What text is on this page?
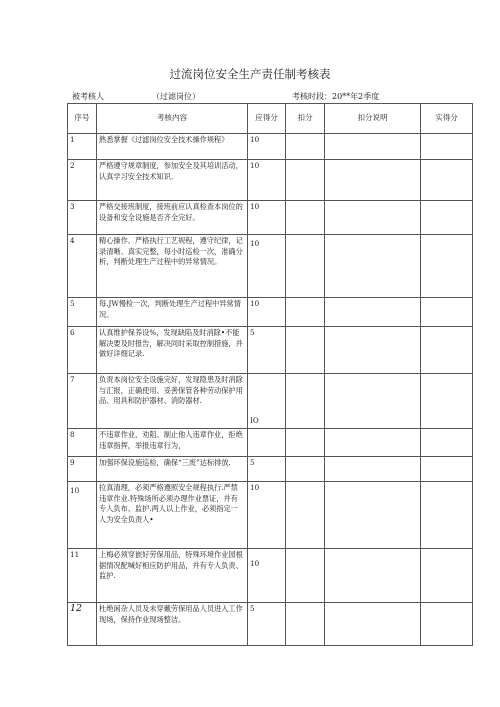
过流岗位安全生产责任制考核表
被考核人	（过滤岗位）	考核时段：20**年2季度
序号	考核内容	应得分	扣分	扣分说明	实得分
1	熟悉掌握《过滤岗位安全技术操作规程》	10			
2	严格遵守规章制度，参加安全及其培训活动，认真学习安全技术知识.	10			
3	严格交接班制度，接班前应认真检查本岗位的设备和安全设施是否齐全完好。	10			
4	精心操作、严格执行工艺规程，遵守纪律，记录清晰、真实完整，每小时巡检一次，准确分析，判断处理生产过程中的异常情况。	10			
5	每.JW慢检一次，判断处理生产过程中异常情况。	10			
6	认真维护保养设%，发现缺陷及时消除•不能解决要及时报告，解决同时采取控制措施，并做好详细记录.	5			
7	负责本岗位安全设施完好，发现隐患及时消除与汇报，正确使用、妥善保管各种劳动保护用品、用具和防护器材、消防器材.	IO			
8	不违章作业，劝阻、制止他人违章作业，拒绝违章指挥，举报违章行为，				
9	加强环保设施巡检，确保“三废”达标排放.	5			
10	拉真清理，必须严格遵照安全规程执行.严禁违章作业.特殊场所必须办理作业票证，并有专人负布、监护.两人以上作业，必须指定一人为安全负责人•	10			
11	上梅必须穿嵌好劳保用品，特殊环境作业园根据情况配喊好相应防护用品，并有专人负责、监护.	10			
12	杜绝闲杂人员及未穿戴劳保用品人员进入工作现场，保持作业现场整洁。	5			
